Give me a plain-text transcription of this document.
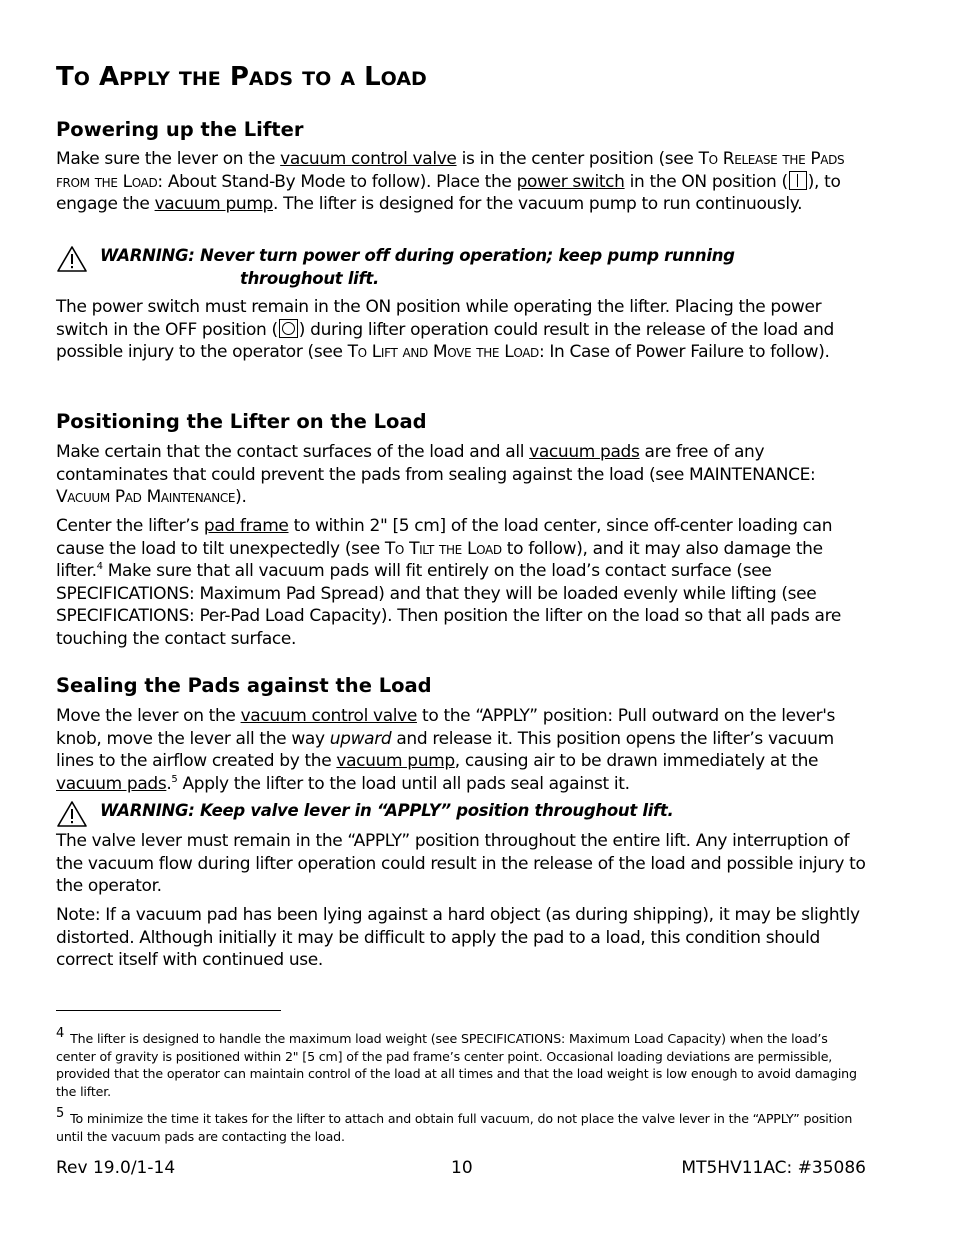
TO APPLY THE PADS TO A LOAD
Powering up the Lifter

Make sure the lever on the vacuum control valve is in the center position (see To Release the Pads from the Load: About Stand-By Mode to follow). Place the power switch in the ON position ( ), to engage the vacuum pump. The lifter is designed for the vacuum pump to run continuously.

WARNING: Never turn power off during operation; keep pump running
throughout lift.

The power switch must remain in the ON position while operating the lifter. Placing the power switch in the OFF position ( ) during lifter operation could result in the release of the load and possible injury to the operator (see To Lift and Move the Load: In Case of Power Failure to follow).

Positioning the Lifter on the Load

Make certain that the contact surfaces of the load and all vacuum pads are free of any contaminates that could prevent the pads from sealing against the load (see MAINTENANCE: Vacuum Pad Maintenance).

Center the lifter’s pad frame to within 2" [5 cm] of the load center, since off-center loading can cause the load to tilt unexpectedly (see To Tilt the Load to follow), and it may also damage the lifter.$^4$ Make sure that all vacuum pads will fit entirely on the load’s contact surface (see SPECIFICATIONS: Maximum Pad Spread) and that they will be loaded evenly while lifting (see SPECIFICATIONS: Per-Pad Load Capacity). Then position the lifter on the load so that all pads are touching the contact surface.

Sealing the Pads against the Load

Move the lever on the vacuum control valve to the “APPLY” position: Pull outward on the lever's knob, move the lever all the way upward and release it. This position opens the lifter’s vacuum lines to the airflow created by the vacuum pump, causing air to be drawn immediately at the vacuum pads.$^5$ Apply the lifter to the load until all pads seal against it.

WARNING: Keep valve lever in “APPLY” position throughout lift.

The valve lever must remain in the “APPLY” position throughout the entire lift. Any interruption of the vacuum flow during lifter operation could result in the release of the load and possible injury to the operator.

Note: If a vacuum pad has been lying against a hard object (as during shipping), it may be slightly distorted. Although initially it may be difficult to apply the pad to a load, this condition should correct itself with continued use.

4 The lifter is designed to handle the maximum load weight (see SPECIFICATIONS: Maximum Load Capacity) when the load’s center of gravity is positioned within 2" [5 cm] of the pad frame’s center point. Occasional loading deviations are permissible, provided that the operator can maintain control of the load at all times and that the load weight is low enough to avoid damaging the lifter.

5 To minimize the time it takes for the lifter to attach and obtain full vacuum, do not place the valve lever in the “APPLY” position until the vacuum pads are contacting the load.

Rev 19.0/1-14	10	MT5HV11AC: #35086
